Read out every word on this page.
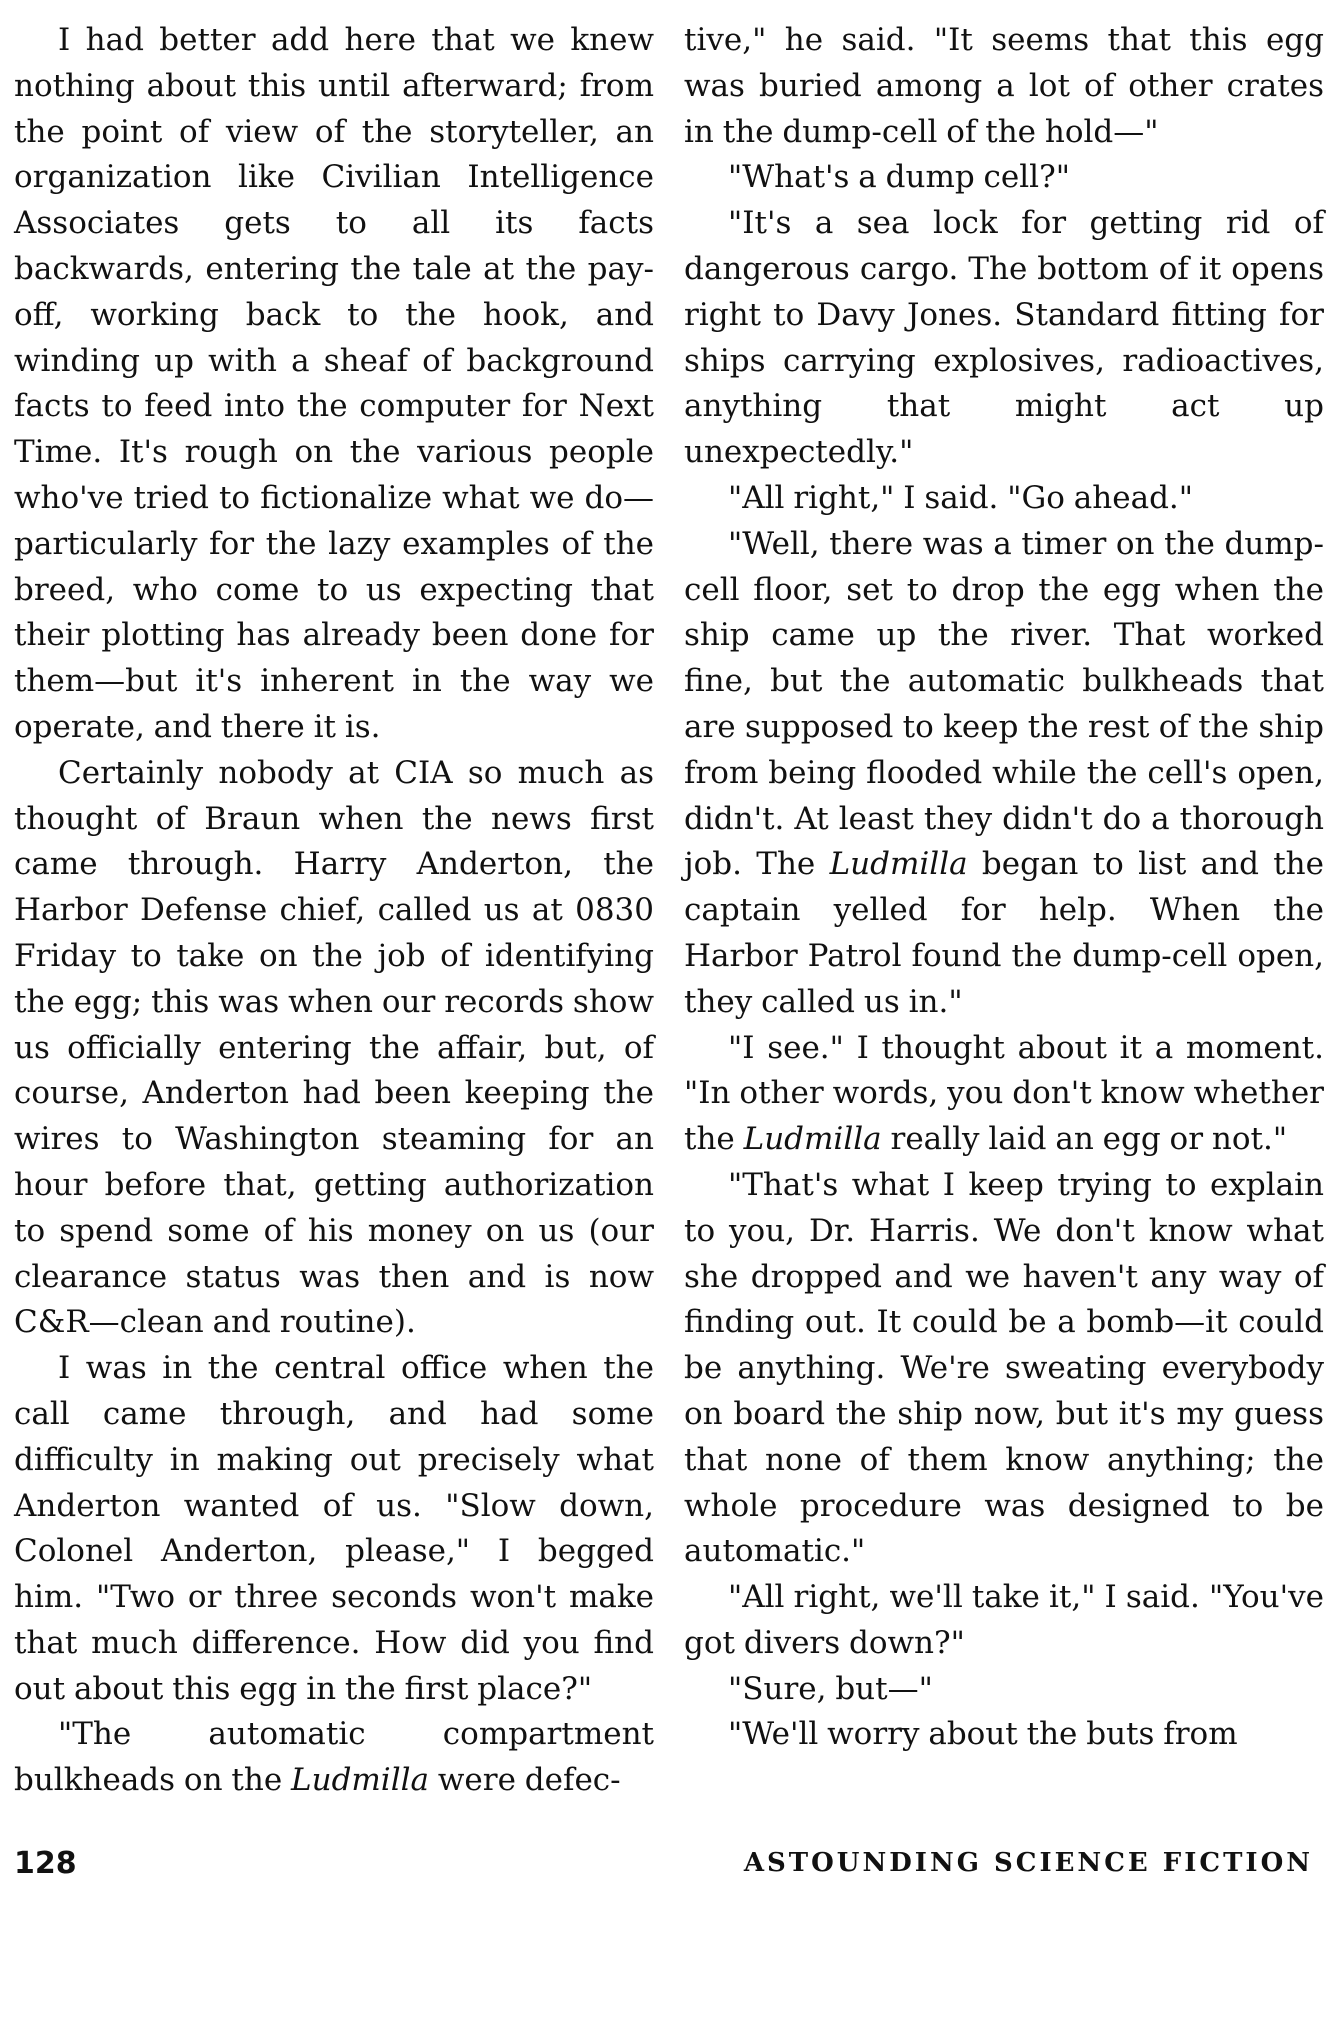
I had better add here that we knew nothing about this until afterward; from the point of view of the storyteller, an organization like Civilian Intelligence Associates gets to all its facts backwards, entering the tale at the pay-off, working back to the hook, and winding up with a sheaf of background facts to feed into the computer for Next Time. It's rough on the various people who've tried to fictionalize what we do—particularly for the lazy examples of the breed, who come to us expecting that their plotting has already been done for them—but it's inherent in the way we operate, and there it is.

Certainly nobody at CIA so much as thought of Braun when the news first came through. Harry Anderton, the Harbor Defense chief, called us at 0830 Friday to take on the job of identifying the egg; this was when our records show us officially entering the affair, but, of course, Anderton had been keeping the wires to Washington steaming for an hour before that, getting authorization to spend some of his money on us (our clearance status was then and is now C&R—clean and routine).

I was in the central office when the call came through, and had some difficulty in making out precisely what Anderton wanted of us. "Slow down, Colonel Anderton, please," I begged him. "Two or three seconds won't make that much difference. How did you find out about this egg in the first place?"

"The automatic compartment bulkheads on the Ludmilla were defec-

tive," he said. "It seems that this egg was buried among a lot of other crates in the dump-cell of the hold—"

"What's a dump cell?"

"It's a sea lock for getting rid of dangerous cargo. The bottom of it opens right to Davy Jones. Standard fitting for ships carrying explosives, radioactives, anything that might act up unexpectedly."

"All right," I said. "Go ahead."

"Well, there was a timer on the dump-cell floor, set to drop the egg when the ship came up the river. That worked fine, but the automatic bulkheads that are supposed to keep the rest of the ship from being flooded while the cell's open, didn't. At least they didn't do a thorough job. The Ludmilla began to list and the captain yelled for help. When the Harbor Patrol found the dump-cell open, they called us in."

"I see." I thought about it a moment. "In other words, you don't know whether the Ludmilla really laid an egg or not."

"That's what I keep trying to explain to you, Dr. Harris. We don't know what she dropped and we haven't any way of finding out. It could be a bomb—it could be anything. We're sweating everybody on board the ship now, but it's my guess that none of them know anything; the whole procedure was designed to be automatic."

"All right, we'll take it," I said. "You've got divers down?"

"Sure, but—"

"We'll worry about the buts from

128	ASTOUNDING SCIENCE FICTION
